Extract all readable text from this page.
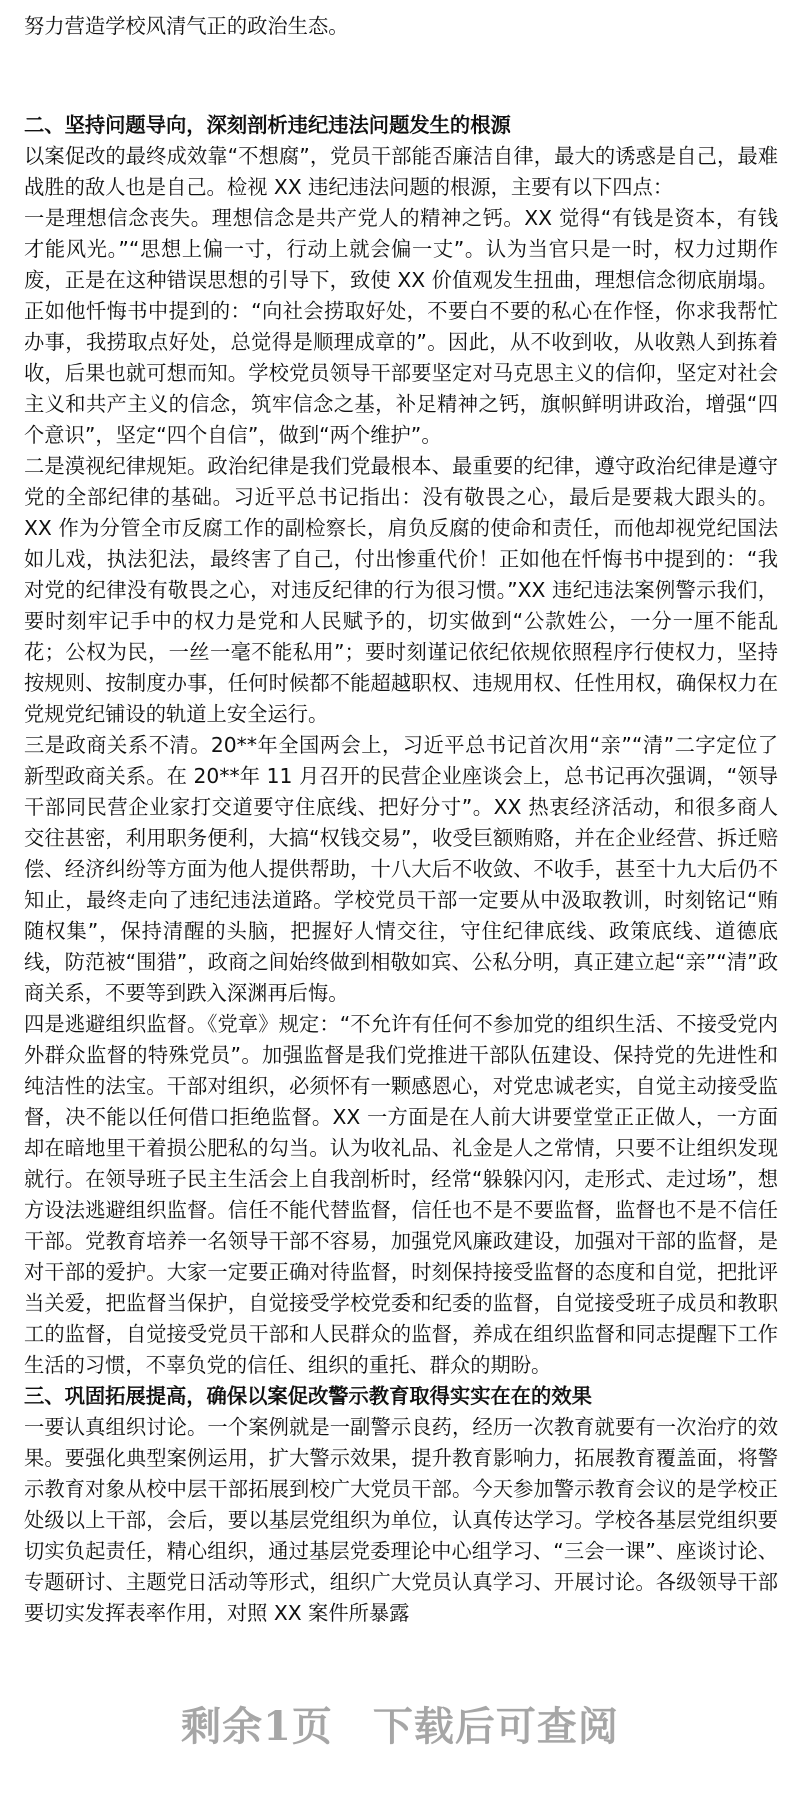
努力营造学校风清气正的政治生态。

二、坚持问题导向，深刻剖析违纪违法问题发生的根源

以案促改的最终成效靠“不想腐”，党员干部能否廉洁自律，最大的诱惑是自己，最难战胜的敌人也是自己。检视 XX 违纪违法问题的根源，主要有以下四点：

一是理想信念丧失。理想信念是共产党人的精神之钙。XX 觉得“有钱是资本，有钱才能风光。”“思想上偏一寸，行动上就会偏一丈”。认为当官只是一时，权力过期作废，正是在这种错误思想的引导下，致使 XX 价值观发生扭曲，理想信念彻底崩塌。正如他忏悔书中提到的：“向社会捞取好处，不要白不要的私心在作怪，你求我帮忙办事，我捞取点好处，总觉得是顺理成章的”。因此，从不收到收，从收熟人到拣着收，后果也就可想而知。学校党员领导干部要坚定对马克思主义的信仰，坚定对社会主义和共产主义的信念，筑牢信念之基，补足精神之钙，旗帜鲜明讲政治，增强“四个意识”，坚定“四个自信”，做到“两个维护”。

二是漠视纪律规矩。政治纪律是我们党最根本、最重要的纪律，遵守政治纪律是遵守党的全部纪律的基础。习近平总书记指出：没有敬畏之心，最后是要栽大跟头的。XX 作为分管全市反腐工作的副检察长，肩负反腐的使命和责任，而他却视党纪国法如儿戏，执法犯法，最终害了自己，付出惨重代价！正如他在忏悔书中提到的：“我对党的纪律没有敬畏之心，对违反纪律的行为很习惯。”XX 违纪违法案例警示我们，要时刻牢记手中的权力是党和人民赋予的，切实做到“公款姓公，一分一厘不能乱花；公权为民，一丝一毫不能私用”；要时刻谨记依纪依规依照程序行使权力，坚持按规则、按制度办事，任何时候都不能超越职权、违规用权、任性用权，确保权力在党规党纪铺设的轨道上安全运行。

三是政商关系不清。20**年全国两会上，习近平总书记首次用“亲”“清”二字定位了新型政商关系。在 20**年 11 月召开的民营企业座谈会上，总书记再次强调，“领导干部同民营企业家打交道要守住底线、把好分寸”。XX 热衷经济活动，和很多商人交往甚密，利用职务便利，大搞“权钱交易”，收受巨额贿赂，并在企业经营、拆迁赔偿、经济纠纷等方面为他人提供帮助，十八大后不收敛、不收手，甚至十九大后仍不知止，最终走向了违纪违法道路。学校党员干部一定要从中汲取教训，时刻铭记“贿随权集”，保持清醒的头脑，把握好人情交往，守住纪律底线、政策底线、道德底线，防范被“围猎”，政商之间始终做到相敬如宾、公私分明，真正建立起“亲”“清”政商关系，不要等到跌入深渊再后悔。

四是逃避组织监督。《党章》规定：“不允许有任何不参加党的组织生活、不接受党内外群众监督的特殊党员”。加强监督是我们党推进干部队伍建设、保持党的先进性和纯洁性的法宝。干部对组织，必须怀有一颗感恩心，对党忠诚老实，自觉主动接受监督，决不能以任何借口拒绝监督。XX 一方面是在人前大讲要堂堂正正做人，一方面却在暗地里干着损公肥私的勾当。认为收礼品、礼金是人之常情，只要不让组织发现就行。在领导班子民主生活会上自我剖析时，经常“躲躲闪闪，走形式、走过场”，想方设法逃避组织监督。信任不能代替监督，信任也不是不要监督，监督也不是不信任干部。党教育培养一名领导干部不容易，加强党风廉政建设，加强对干部的监督，是对干部的爱护。大家一定要正确对待监督，时刻保持接受监督的态度和自觉，把批评当关爱，把监督当保护，自觉接受学校党委和纪委的监督，自觉接受班子成员和教职工的监督，自觉接受党员干部和人民群众的监督，养成在组织监督和同志提醒下工作生活的习惯，不辜负党的信任、组织的重托、群众的期盼。

三、巩固拓展提高，确保以案促改警示教育取得实实在在的效果

一要认真组织讨论。一个案例就是一副警示良药，经历一次教育就要有一次治疗的效果。要强化典型案例运用，扩大警示效果，提升教育影响力，拓展教育覆盖面，将警示教育对象从校中层干部拓展到校广大党员干部。今天参加警示教育会议的是学校正处级以上干部，会后，要以基层党组织为单位，认真传达学习。学校各基层党组织要切实负起责任，精心组织，通过基层党委理论中心组学习、“三会一课”、座谈讨论、专题研讨、主题党日活动等形式，组织广大党员认真学习、开展讨论。各级领导干部要切实发挥表率作用，对照 XX 案件所暴露

剩余1页 下载后可查阅
